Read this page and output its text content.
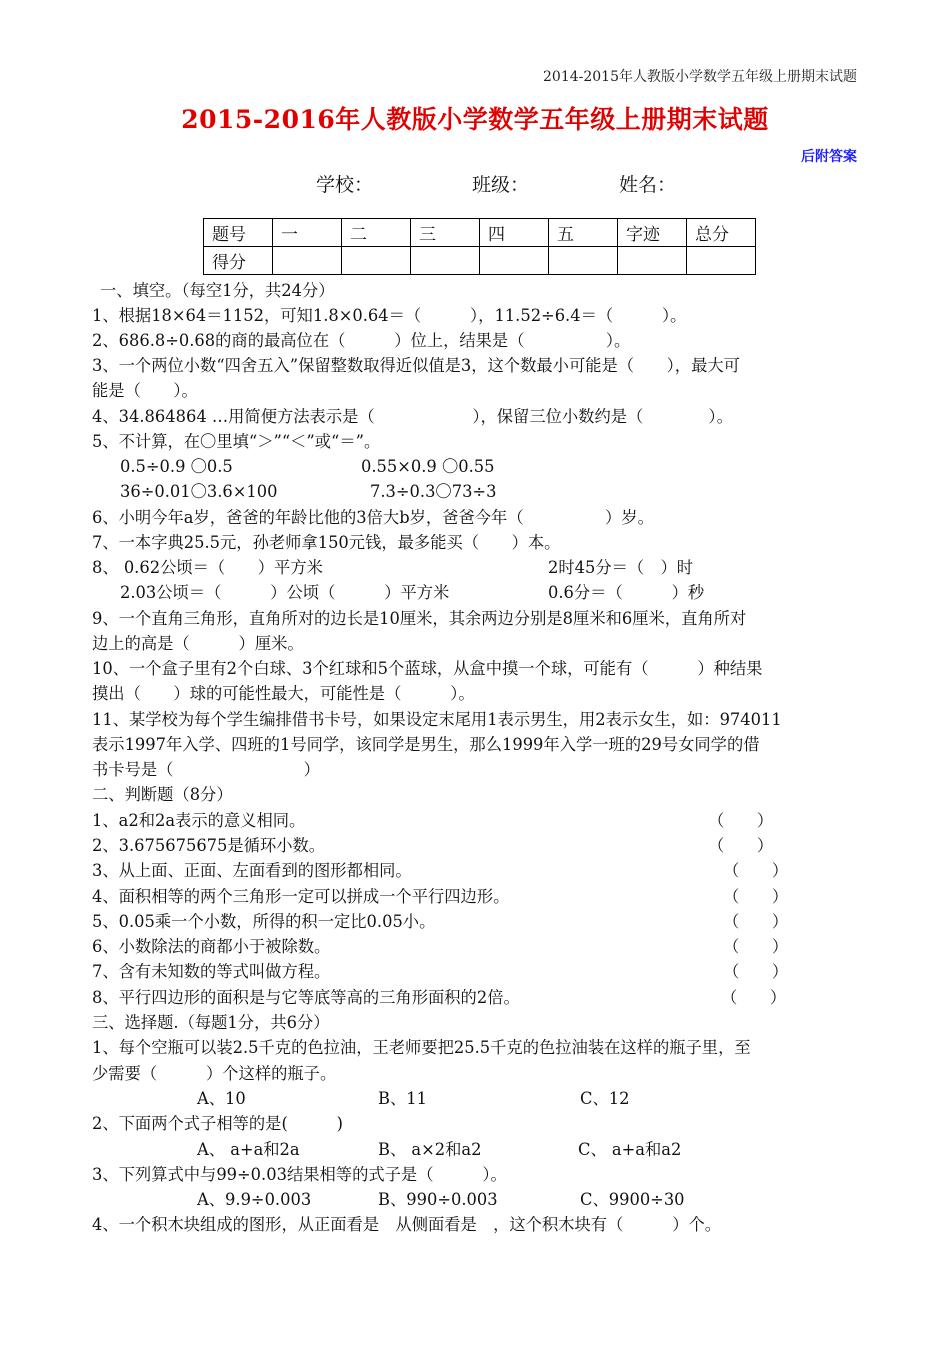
2014-2015年人教版小学数学五年级上册期末试题
2015-2016年人教版小学数学五年级上册期末试题
后附答案
学校：	班级：	姓名：
题号	一	二	三	四	五	字迹	总分
得分							
一、填空。（每空1分，共24分）
1、根据18×64＝1152，可知1.8×0.64＝（　　　），11.52÷6.4＝（　　　）。
2、686.8÷0.68的商的最高位在（　　　）位上，结果是（　　　　　）。
3、一个两位小数“四舍五入”保留整数取得近似值是3，这个数最小可能是（　　），最大可
能是（　　）。
4、34.864864 …用简便方法表示是（　　　　　　），保留三位小数约是（　　　　）。
5、不计算，在〇里填“＞”“＜”或“＝”。
0.5÷0.9 〇0.5	0.55×0.9 〇0.55
36÷0.01〇3.6×100	7.3÷0.3〇73÷3
6、小明今年a岁，爸爸的年龄比他的3倍大b岁，爸爸今年（　　　　　）岁。
7、一本字典25.5元，孙老师拿150元钱，最多能买（　　）本。
8、 0.62公顷＝（　　）平方米	2时45分＝（　）时
2.03公顷＝（　　　）公顷（　　　）平方米	0.6分＝（　　　）秒
9、一个直角三角形，直角所对的边长是10厘米，其余两边分别是8厘米和6厘米，直角所对
边上的高是（　　　）厘米。
10、一个盒子里有2个白球、3个红球和5个蓝球，从盒中摸一个球，可能有（　　　）种结果
摸出（　　）球的可能性最大，可能性是（　　　）。
11、某学校为每个学生编排借书卡号，如果设定末尾用1表示男生，用2表示女生，如：974011
表示1997年入学、四班的1号同学，该同学是男生，那么1999年入学一班的29号女同学的借
书卡号是（　　　　　　　　）
二、判断题（8分）
1、a2和2a表示的意义相同。	（　　）
2、3.675675675是循环小数。	（　　）
3、从上面、正面、左面看到的图形都相同。	（　　）
4、面积相等的两个三角形一定可以拼成一个平行四边形。	（　　）
5、0.05乘一个小数，所得的积一定比0.05小。	（　　）
6、小数除法的商都小于被除数。	（　　）
7、含有未知数的等式叫做方程。	（　　）
8、平行四边形的面积是与它等底等高的三角形面积的2倍。	（　　）
三、选择题.（每题1分，共6分）
1、每个空瓶可以装2.5千克的色拉油，王老师要把25.5千克的色拉油装在这样的瓶子里，至
少需要（　　　）个这样的瓶子。
A、10	B、11	C、12
2、下面两个式子相等的是(　　　)
A、 a+a和2a	B、 a×2和a2	C、 a+a和a2
3、下列算式中与99÷0.03结果相等的式子是（　　　）。
A、9.9÷0.003	B、990÷0.003	C、9900÷30
4、一个积木块组成的图形，从正面看是　从侧面看是　，这个积木块有（　　　）个。
